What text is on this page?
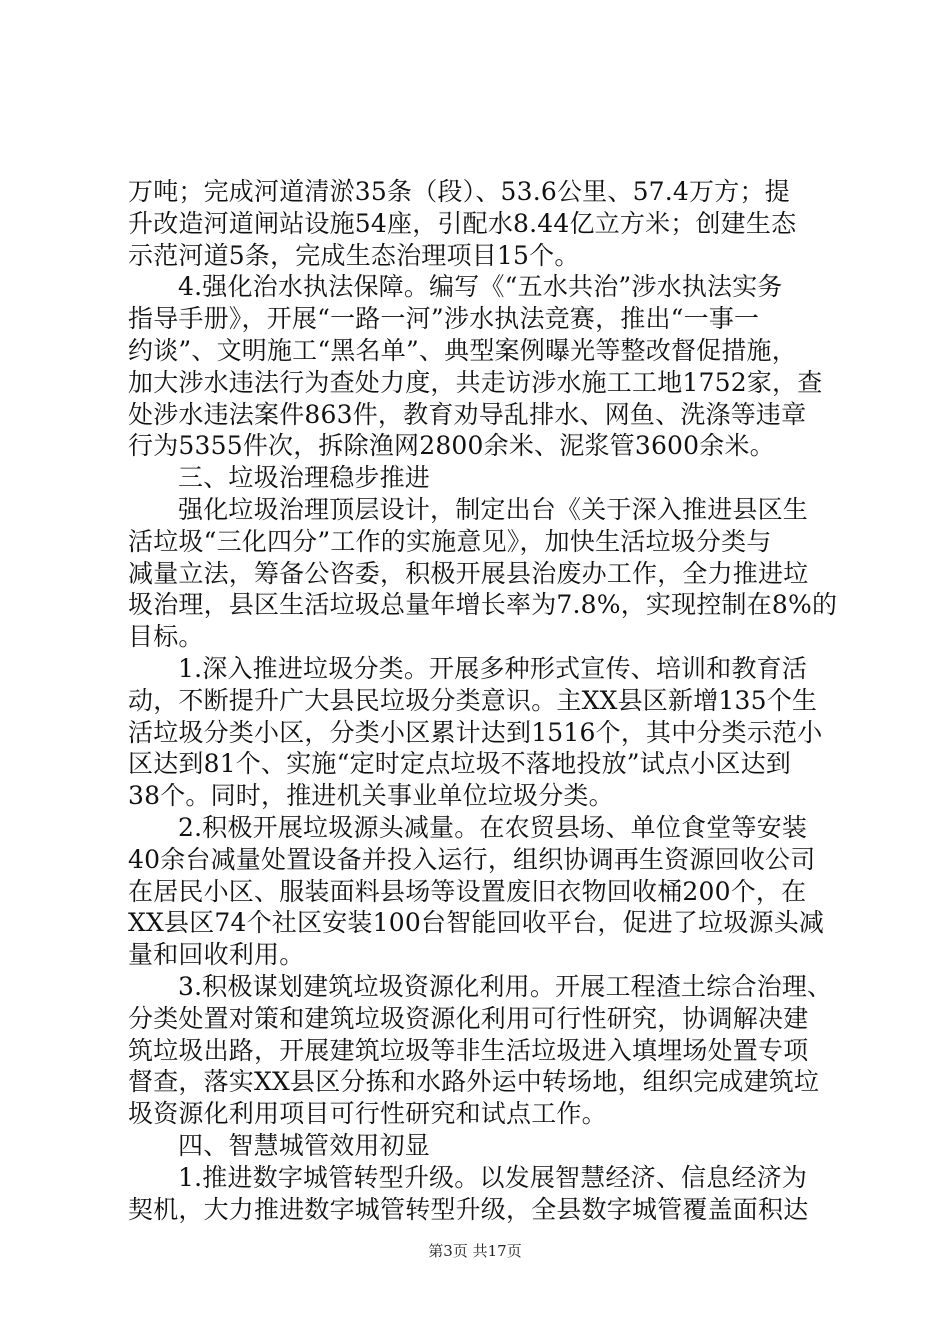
万吨；完成河道清淤35条（段）、53.6公里、57.4万方；提
升改造河道闸站设施54座，引配水8.44亿立方米；创建生态
示范河道5条，完成生态治理项目15个。
4.强化治水执法保障。编写《“五水共治”涉水执法实务
指导手册》，开展“一路一河”涉水执法竞赛，推出“一事一
约谈”、文明施工“黑名单”、典型案例曝光等整改督促措施，
加大涉水违法行为查处力度，共走访涉水施工工地1752家，查
处涉水违法案件863件，教育劝导乱排水、网鱼、洗涤等违章
行为5355件次，拆除渔网2800余米、泥浆管3600余米。
三、垃圾治理稳步推进
强化垃圾治理顶层设计，制定出台《关于深入推进县区生
活垃圾“三化四分”工作的实施意见》，加快生活垃圾分类与
减量立法，筹备公咨委，积极开展县治废办工作，全力推进垃
圾治理，县区生活垃圾总量年增长率为7.8%，实现控制在8%的
目标。
1.深入推进垃圾分类。开展多种形式宣传、培训和教育活
动，不断提升广大县民垃圾分类意识。主XX县区新增135个生
活垃圾分类小区，分类小区累计达到1516个，其中分类示范小
区达到81个、实施“定时定点垃圾不落地投放”试点小区达到
38个。同时，推进机关事业单位垃圾分类。
2.积极开展垃圾源头减量。在农贸县场、单位食堂等安装
40余台减量处置设备并投入运行，组织协调再生资源回收公司
在居民小区、服装面料县场等设置废旧衣物回收桶200个，在
XX县区74个社区安装100台智能回收平台，促进了垃圾源头减
量和回收利用。
3.积极谋划建筑垃圾资源化利用。开展工程渣土综合治理、
分类处置对策和建筑垃圾资源化利用可行性研究，协调解决建
筑垃圾出路，开展建筑垃圾等非生活垃圾进入填埋场处置专项
督查，落实XX县区分拣和水路外运中转场地，组织完成建筑垃
圾资源化利用项目可行性研究和试点工作。
四、智慧城管效用初显
1.推进数字城管转型升级。以发展智慧经济、信息经济为
契机，大力推进数字城管转型升级，全县数字城管覆盖面积达
第3页 共17页
